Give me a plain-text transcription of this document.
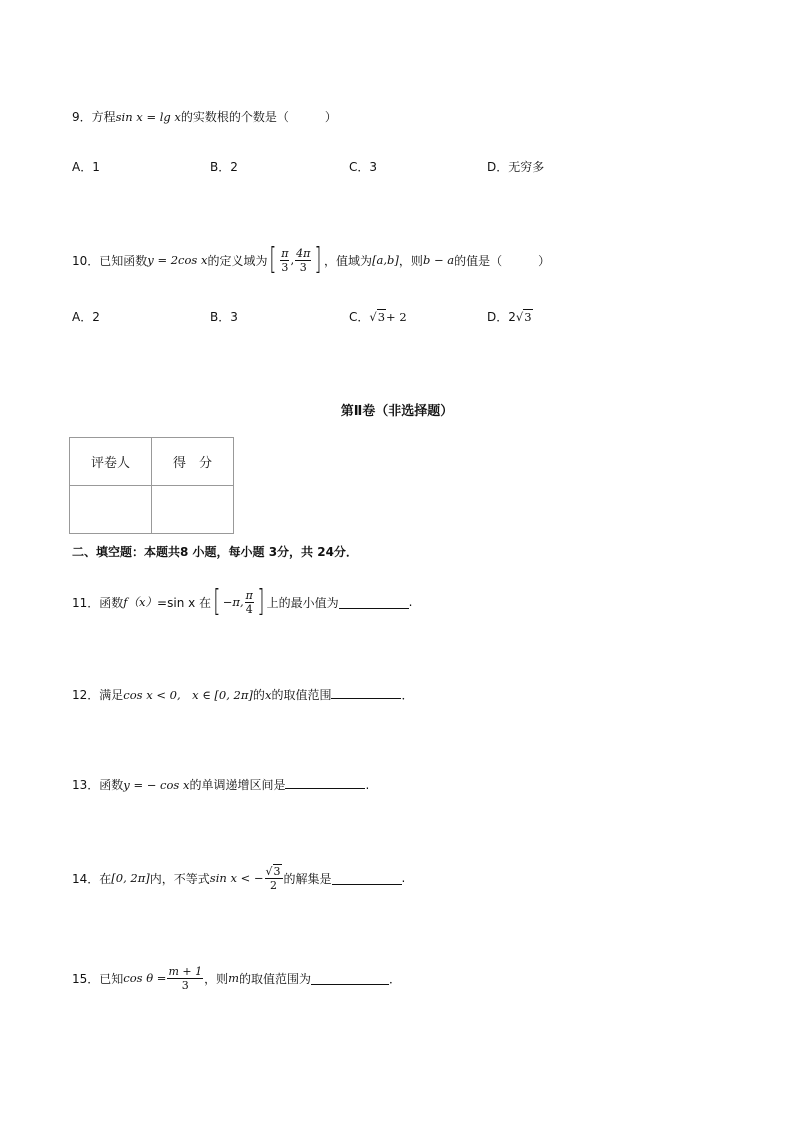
9．方程sin x = lg x的实数根的个数是（　　　）
A．1	B．2	C．3	D．无穷多
10． 已知函数 y = 2cos x 的定义域为 [ $\frac{\pi}{3}$ , $\frac{4\pi}{3}$ ] ，值域为 [a,b] ，则 b − a 的值是（　　　）
A．2	B．3	C．√3+ 2	D．2√3
第Ⅱ卷（非选择题）
评卷人	得　分

二、填空题：本题共8 小题，每小题 3分，共 24分．
11． 函数 f（x） =sin x 在 [ −π, $\frac{\pi}{4}$ ] 上的最小值为	.
12．满足cos x < 0,　x ∈ [0, 2π]的x的取值范围	．
13．函数y = − cos x的单调递增区间是	.
14． 在 [0, 2π] 内，不等式 sin x < − $\frac{√3}{2}$ 的解集是	.
15． 已知 $\cos \theta = \frac{m + 1}{3}$ ，则 m 的取值范围为	．
